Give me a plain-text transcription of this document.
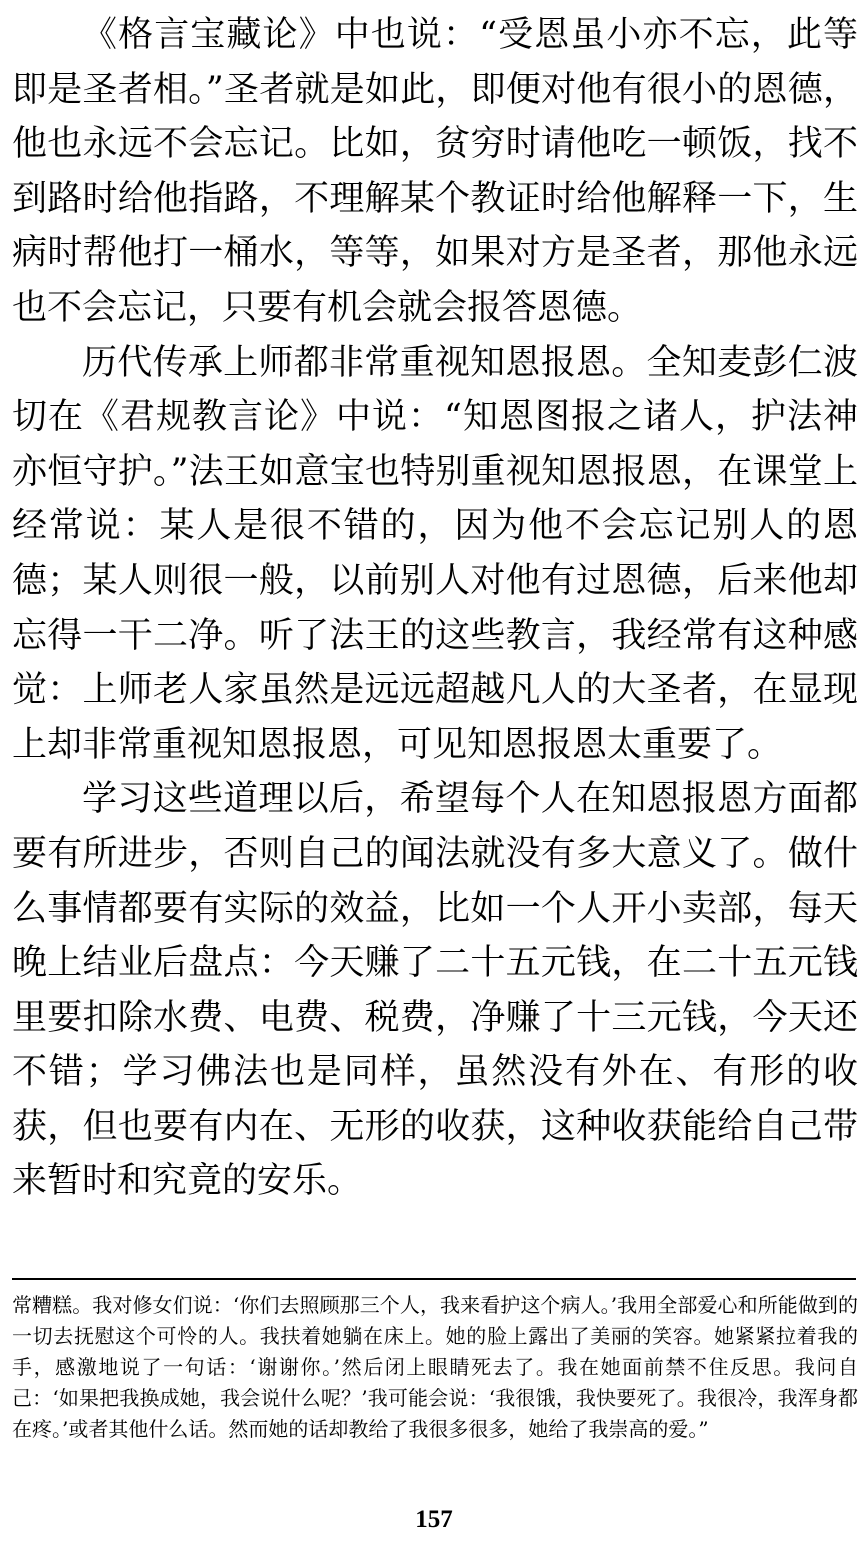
《格言宝藏论》中也说：“受恩虽小亦不忘，此等即是圣者相。”圣者就是如此，即便对他有很小的恩德，他也永远不会忘记。比如，贫穷时请他吃一顿饭，找不到路时给他指路，不理解某个教证时给他解释一下，生病时帮他打一桶水，等等，如果对方是圣者，那他永远也不会忘记，只要有机会就会报答恩德。

历代传承上师都非常重视知恩报恩。全知麦彭仁波切在《君规教言论》中说：“知恩图报之诸人，护法神亦恒守护。”法王如意宝也特别重视知恩报恩，在课堂上经常说：某人是很不错的，因为他不会忘记别人的恩德；某人则很一般，以前别人对他有过恩德，后来他却忘得一干二净。听了法王的这些教言，我经常有这种感觉：上师老人家虽然是远远超越凡人的大圣者，在显现上却非常重视知恩报恩，可见知恩报恩太重要了。

学习这些道理以后，希望每个人在知恩报恩方面都要有所进步，否则自己的闻法就没有多大意义了。做什么事情都要有实际的效益，比如一个人开小卖部，每天晚上结业后盘点：今天赚了二十五元钱，在二十五元钱里要扣除水费、电费、税费，净赚了十三元钱，今天还不错；学习佛法也是同样，虽然没有外在、有形的收获，但也要有内在、无形的收获，这种收获能给自己带来暂时和究竟的安乐。

常糟糕。我对修女们说：‘你们去照顾那三个人，我来看护这个病人。’我用全部爱心和所能做到的一切去抚慰这个可怜的人。我扶着她躺在床上。她的脸上露出了美丽的笑容。她紧紧拉着我的手，感激地说了一句话：‘谢谢你。’然后闭上眼睛死去了。我在她面前禁不住反思。我问自己：‘如果把我换成她，我会说什么呢？’我可能会说：‘我很饿，我快要死了。我很冷，我浑身都在疼。’或者其他什么话。然而她的话却教给了我很多很多，她给了我崇高的爱。”

157
